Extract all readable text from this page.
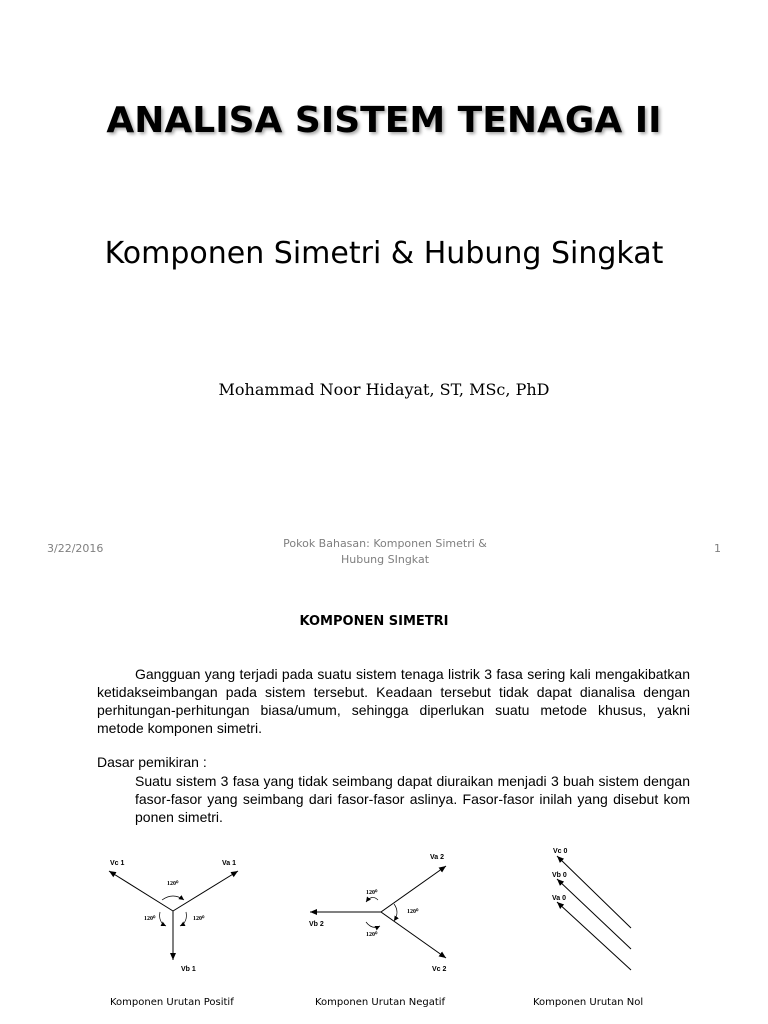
ANALISA SISTEM TENAGA II
Komponen Simetri & Hubung Singkat
Mohammad Noor Hidayat, ST, MSc, PhD
3/22/2016	Pokok Bahasan: Komponen Simetri &
Hubung SIngkat
1
KOMPONEN SIMETRI
Gangguan yang terjadi pada suatu sistem tenaga listrik 3 fasa sering kali mengakibatkan ketidakseimbangan pada sistem tersebut. Keadaan tersebut tidak dapat dianalisa dengan perhitungan-perhitungan biasa/umum, sehingga diperlukan suatu metode khusus, yakni metode komponen simetri.
Dasar pemikiran :
Suatu sistem 3 fasa yang tidak seimbang dapat diuraikan menjadi 3 buah sistem dengan fasor-fasor yang seimbang dari fasor-fasor aslinya. Fasor-fasor inilah yang disebut kom ponen simetri.
Vc 1	Va 1
Vb 1
120⁰
120⁰	120⁰
Va 2
Vb 2
Vc 2
120⁰
120⁰
120⁰
Vc 0
Vb 0
Va 0
Komponen Urutan Positif	Komponen Urutan Negatif	Komponen Urutan Nol
